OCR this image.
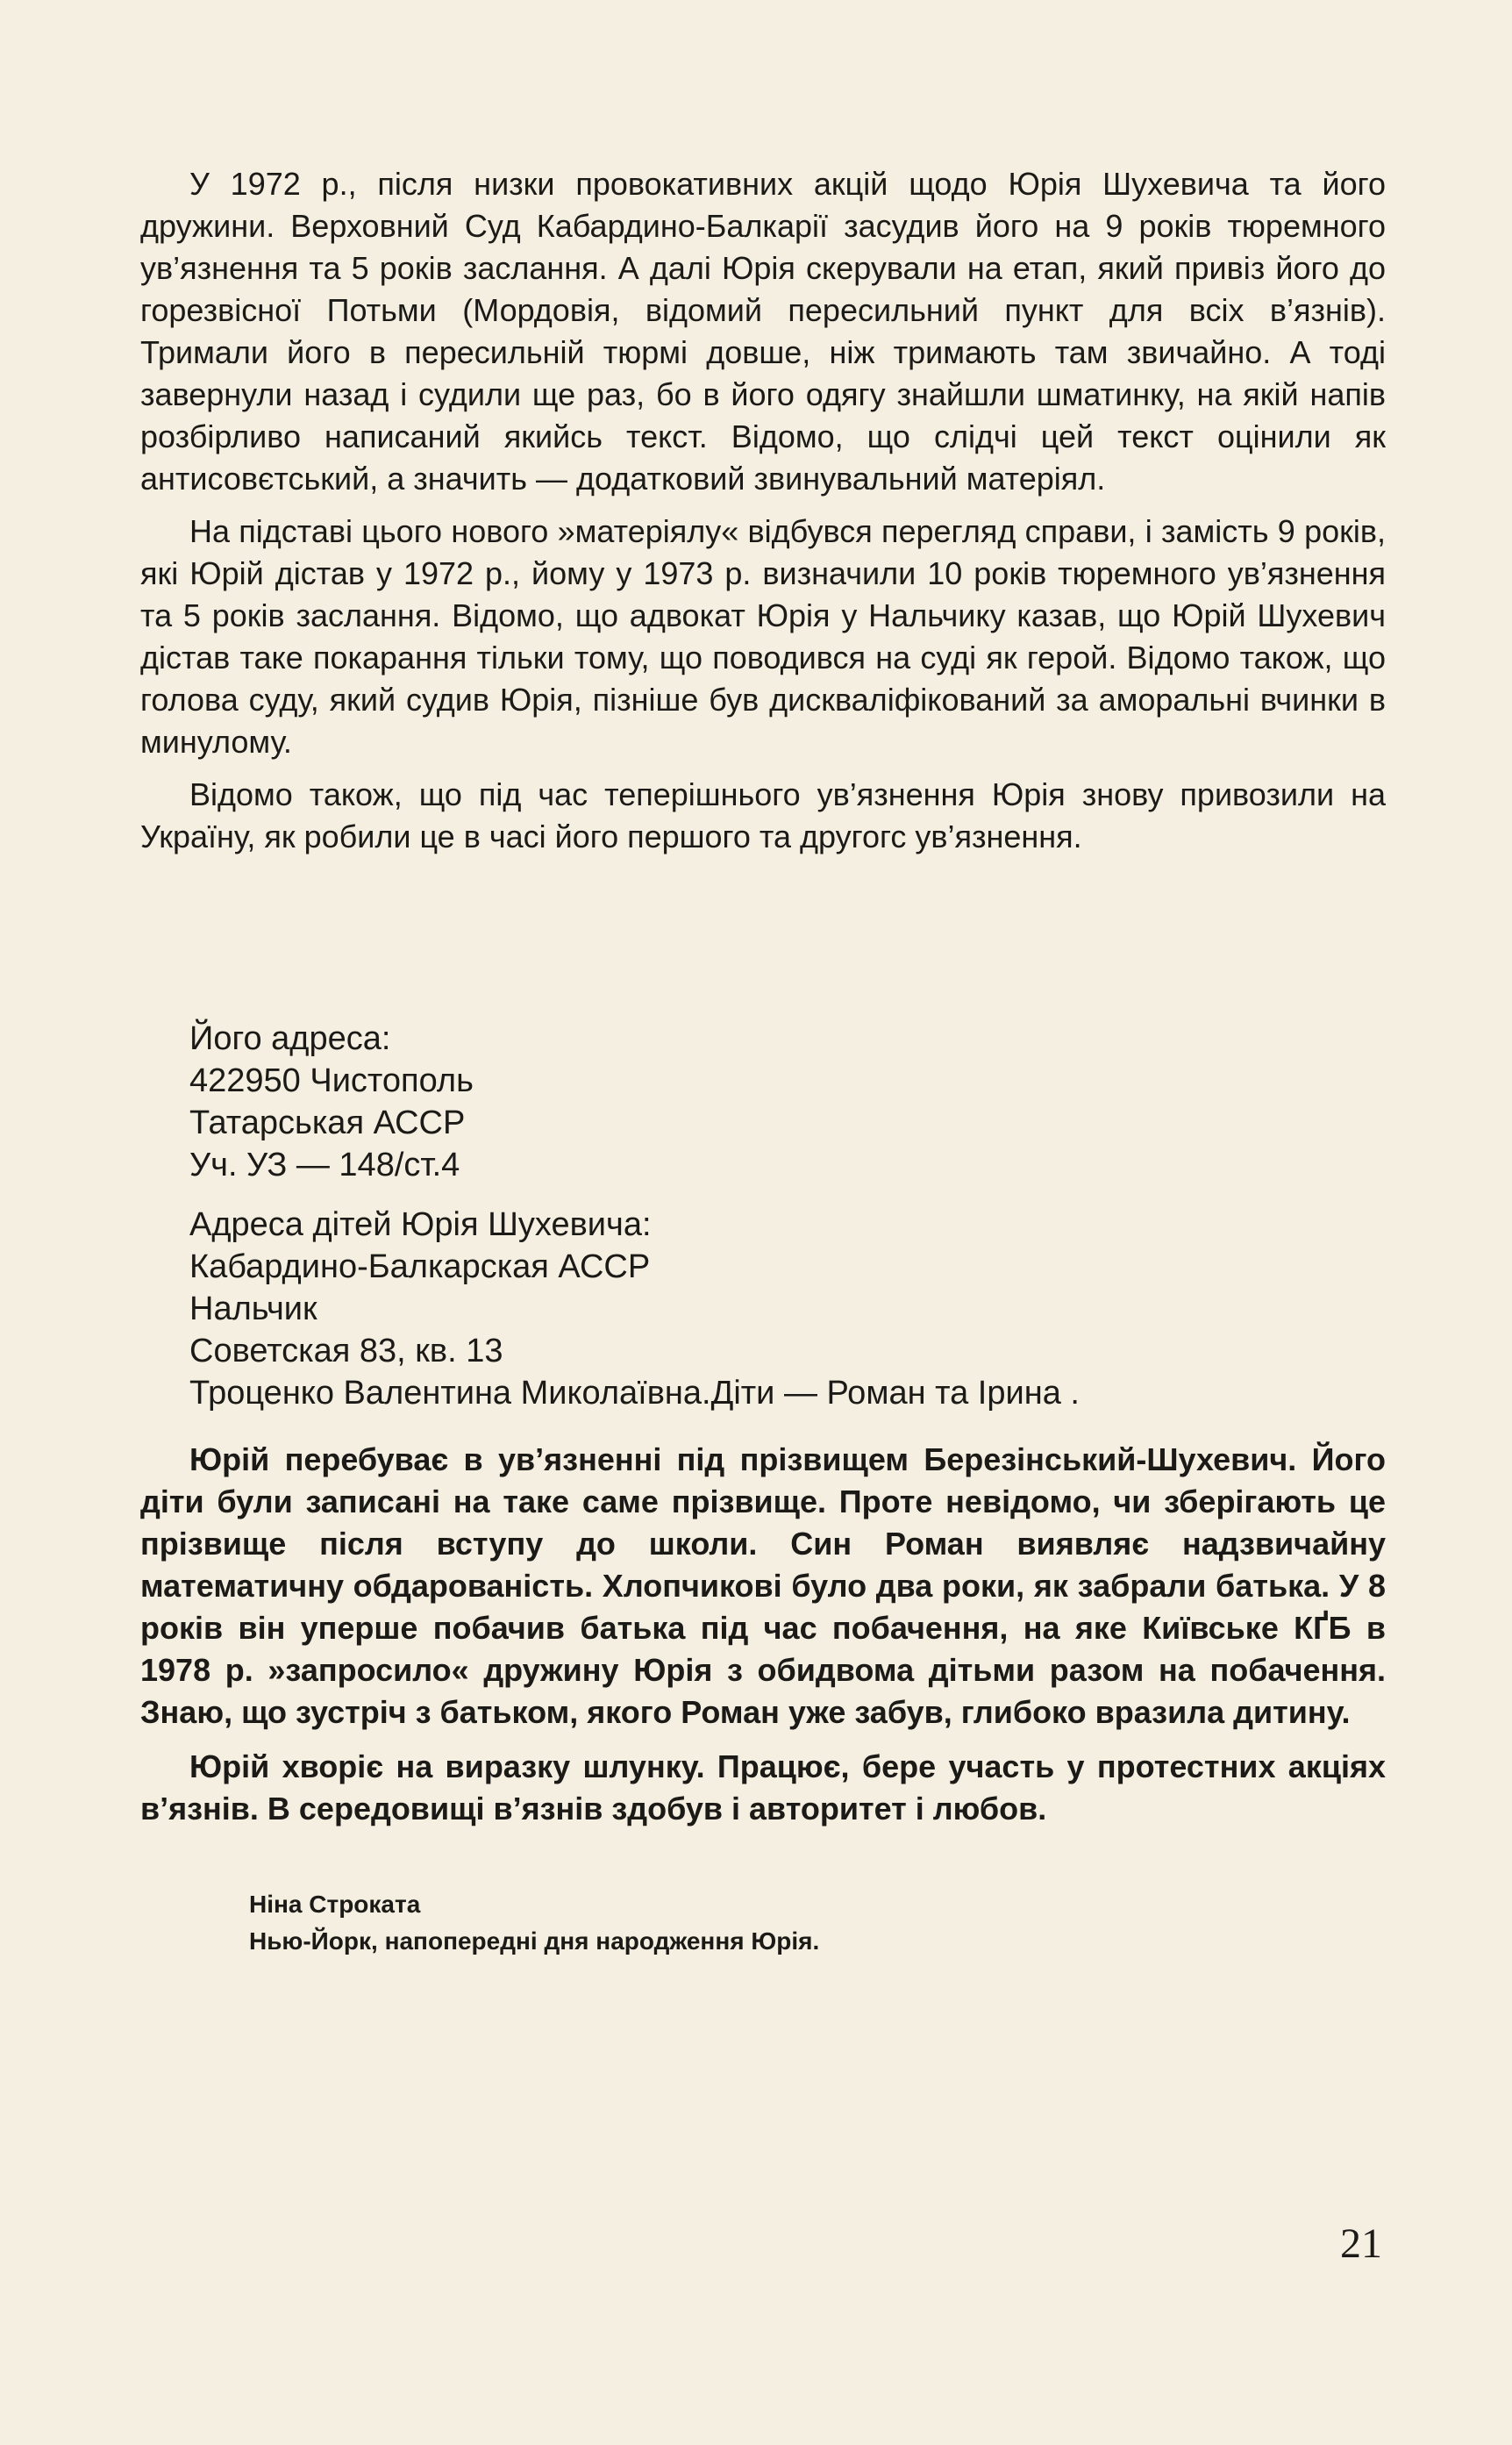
У 1972 р., після низки провокативних акцій щодо Юрія Шухевича та його дружини. Верховний Суд Кабардино-Балкарії засудив його на 9 років тюремного ув’язнення та 5 років заслання. А далі Юрія скерували на етап, який привіз його до горезвісної Потьми (Мордовія, відомий пересильний пункт для всіх в’язнів). Тримали його в пересильній тюрмі довше, ніж тримають там звичайно. А тоді завернули назад і судили ще раз, бо в його одягу знайшли шматинку, на якій напів розбірливо написаний якийсь текст. Відомо, що слідчі цей текст оцінили як антисовєтський, а значить — додатковий звинувальний матеріял.

На підставі цього нового »матеріялу« відбувся перегляд справи, і замість 9 років, які Юрій дістав у 1972 р., йому у 1973 р. визначили 10 років тюремного ув’язнення та 5 років заслання. Відомо, що адвокат Юрія у Нальчику казав, що Юрій Шухевич дістав таке покарання тільки тому, що поводився на суді як герой. Відомо також, що голова суду, який судив Юрія, пізніше був дискваліфікований за аморальні вчинки в минулому.

Відомо також, що під час теперішнього ув’язнення Юрія знову привозили на Україну, як робили це в часі його першого та другогс ув’язнення.

Його адреса:
422950 Чистополь
Татарськая АССР
Уч. УЗ — 148/ст.4
Адреса дітей Юрія Шухевича:
Кабардино-Балкарская АССР
Нальчик
Советская 83, кв. 13
Троценко Валентина Миколаївна.Діти — Роман та Ірина .

Юрій перебуває в ув’язненні під прізвищем Березінський-Шухевич. Його діти були записані на таке саме прізвище. Проте невідомо, чи зберігають це прізвище після вступу до школи. Син Роман виявляє надзвичайну математичну обдарованість. Хлопчикові було два роки, як забрали батька. У 8 років він уперше побачив батька під час побачення, на яке Київське КҐБ в 1978 р. »запросило« дружину Юрія з обидвома дітьми разом на побачення. Знаю, що зустріч з батьком, якого Роман уже забув, глибоко вразила дитину.

Юрій хворіє на виразку шлунку. Працює, бере участь у протестних акціях в’язнів. В середовищі в’язнів здобув і авторитет і любов.

Ніна Строката
Нью-Йорк, напопередні дня народження Юрія.
21
